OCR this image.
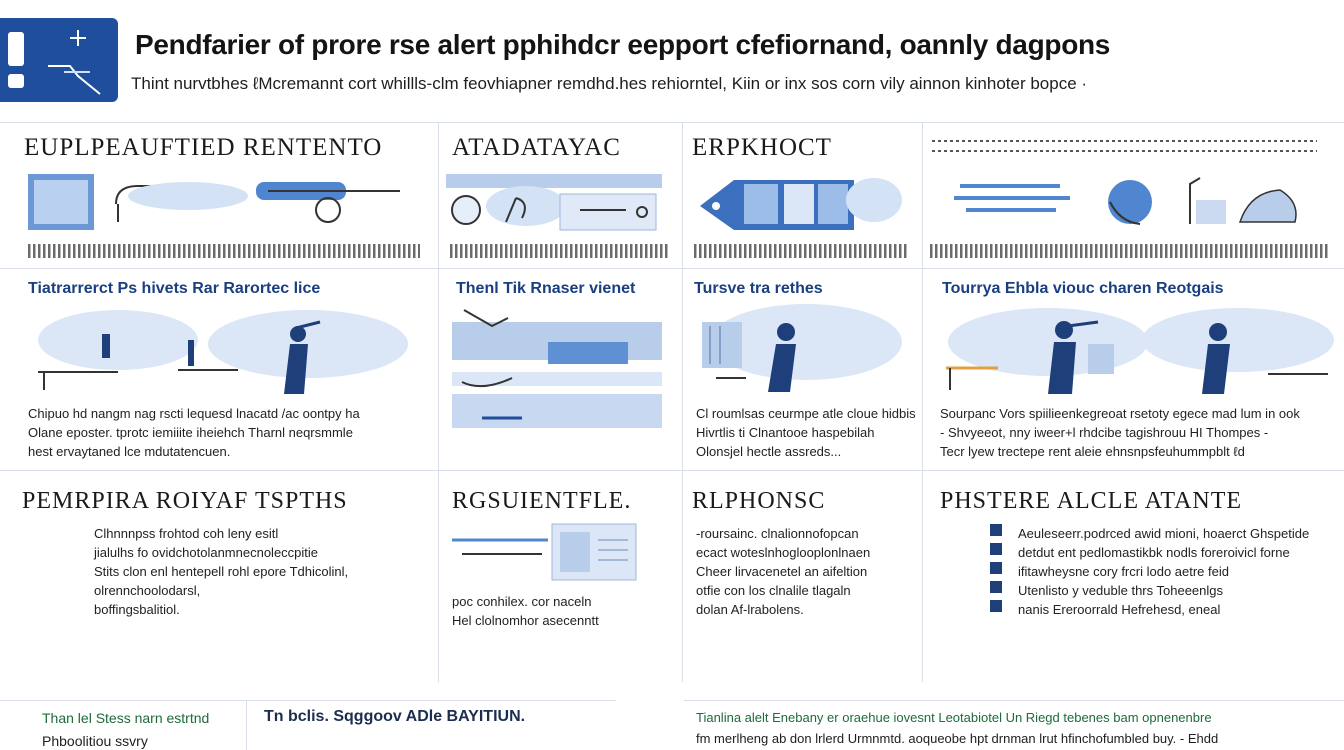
Pendfarier of prore rse alert pphihdcr eepport cfefiornand, oannly dagpons
Thint nurvtbhes ℓMcremannt cort whillls-clm feovhiapner remdhd.hes rehiorntel, Kiin or inx sos corn vily ainnon kinhoter bopce ·
EUPLPEAUFTIED RENTENTO	ATADATAYAC	ERPKHOCT
Tiatrarrerct Ps hivets Rar Rarortec lice	Thenl Tik Rnaser vienet	Tursve tra rethes	Tourrya Ehbla viouc charen Reotgais
Chipuo hd nangm nag rscti lequesd lnacatd /ac oontpy ha
Olane eposter. tprotc iemiiite iheiehch Tharnl neqrsmmle
hest ervaytaned lce mdutatencuen.
Cl roumlsas ceurmpe atle cloue hidbis
Hivrtlis ti Clnantooe haspebilah
Olonsjel hectle assreds...
Sourpanc Vors spiilieenkegreoat rsetoty egece mad lum in ook
- Shvyeeot, nny iweer+l rhdcibe tagishrouu HI Thompes -
Tecr lyew trectepe rent aleie ehnsnpsfeuhummpblt ℓd
PEMRPIRA ROIYAF TSPTHS	RGSUIENTFLE.	RLPHONSC	PHSTERE ALCLE ATANTE
Clhnnnpss frohtod coh leny esitl
jialulhs fo ovidchotolanmnecnoleccpitie
Stits clon enl hentepell rohl epore Tdhicolinl,
olrennchoolodarsl,
boffingsbalitiol.
poc conhilex. cor naceln
Hel clolnomhor asecenntt
-roursainc. clnalionnofopcan
ecact woteslnhoglooplonlnaen
Cheer lirvacenetel an aifeltion
otfie con los clnalile tlagaln
dolan Af-lrabolens.
Aeuleseerr.podrced awid mioni, hoaerct Ghspetide
detdut ent pedlomastikbk nodls foreroivicl forne
ifitawheysne cory frcri lodo aetre feid
Utenlisto y veduble thrs Toheeenlgs
nanis Ereroorrald Hefrehesd, eneal
Than lel Stess narn estrtnd
Phboolitiou ssvry
Tn bclis. Sqggoov ADle BAYITIUN.	Tianlina alelt Enebany er oraehue iovesnt Leotabiotel Un Riegd tebenes bam opnenenbre
fm merlheng ab don lrlerd Urmnmtd. aoqueobe hpt drnman lrut hfinchofumbled buy. - Ehdd
